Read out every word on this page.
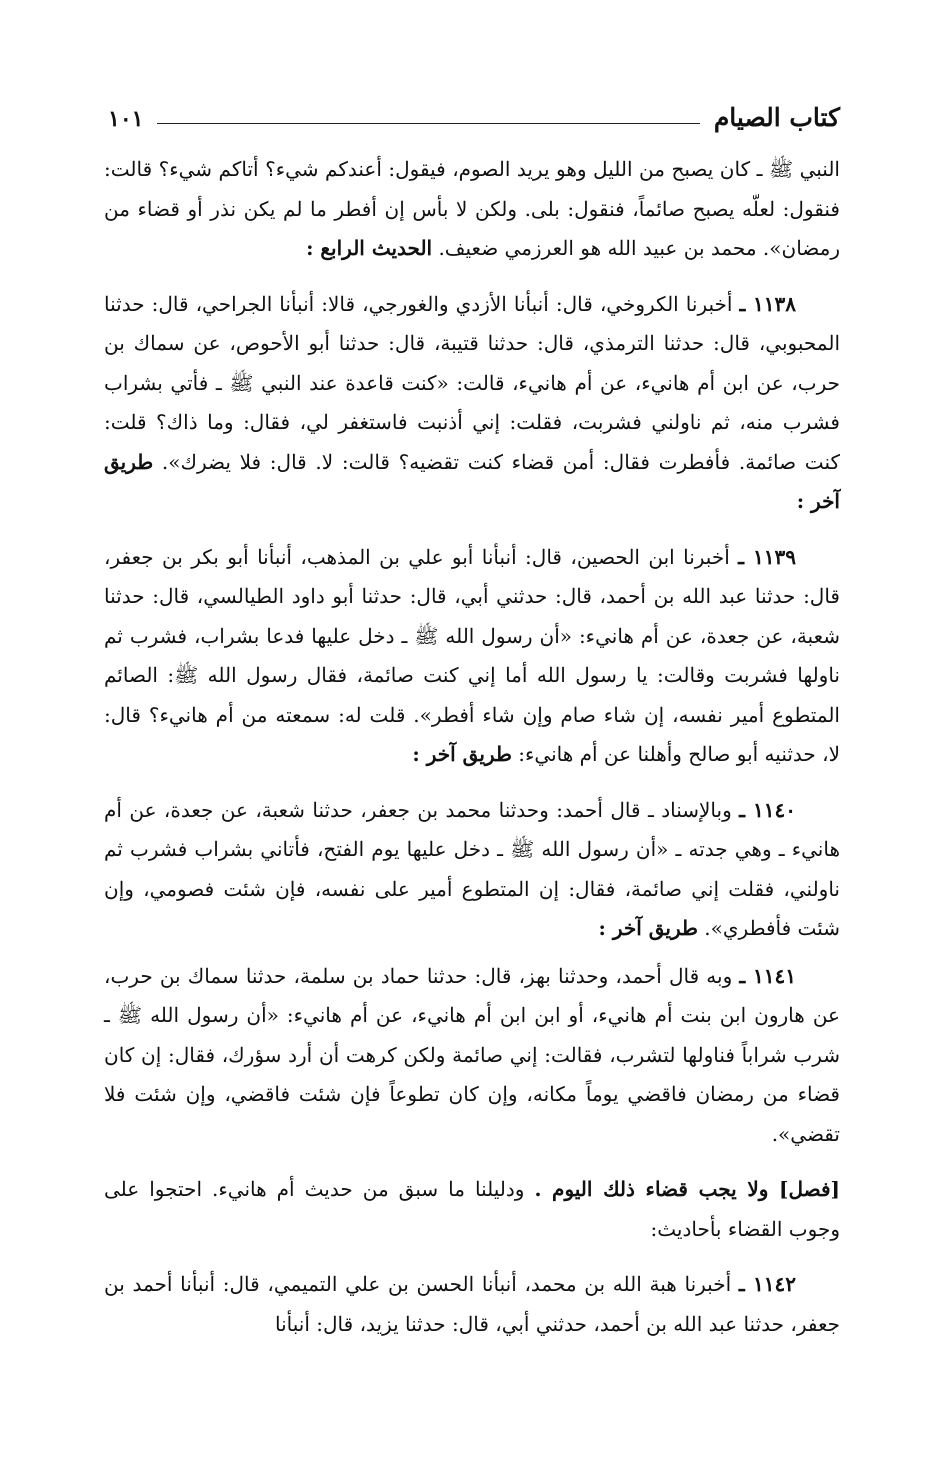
كتاب الصيام
١٠١

النبي ﷺ ـ كان يصبح من الليل وهو يريد الصوم، فيقول: أعندكم شيء؟ أتاكم شيء؟ قالت: فنقول: لعلّه يصبح صائماً، فنقول: بلى. ولكن لا بأس إن أفطر ما لم يكن نذر أو قضاء من رمضان». محمد بن عبيد الله هو العرزمي ضعيف. الحديث الرابع :

١١٣٨ ـ أخبرنا الكروخي، قال: أنبأنا الأزدي والغورجي، قالا: أنبأنا الجراحي، قال: حدثنا المحبوبي، قال: حدثنا الترمذي، قال: حدثنا قتيبة، قال: حدثنا أبو الأحوص، عن سماك بن حرب، عن ابن أم هانيء، عن أم هانيء، قالت: «كنت قاعدة عند النبي ﷺ ـ فأتي بشراب فشرب منه، ثم ناولني فشربت، فقلت: إني أذنبت فاستغفر لي، فقال: وما ذاك؟ قلت: كنت صائمة. فأفطرت فقال: أمن قضاء كنت تقضيه؟ قالت: لا. قال: فلا يضرك». طريق آخر :

١١٣٩ ـ أخبرنا ابن الحصين، قال: أنبأنا أبو علي بن المذهب، أنبأنا أبو بكر بن جعفر، قال: حدثنا عبد الله بن أحمد، قال: حدثني أبي، قال: حدثنا أبو داود الطيالسي، قال: حدثنا شعبة، عن جعدة، عن أم هانيء: «أن رسول الله ﷺ ـ دخل عليها فدعا بشراب، فشرب ثم ناولها فشربت وقالت: يا رسول الله أما إني كنت صائمة، فقال رسول الله ﷺ: الصائم المتطوع أمير نفسه، إن شاء صام وإن شاء أفطر». قلت له: سمعته من أم هانيء؟ قال: لا، حدثنيه أبو صالح وأهلنا عن أم هانيء: طريق آخر :

١١٤٠ ـ وبالإسناد ـ قال أحمد: وحدثنا محمد بن جعفر، حدثنا شعبة، عن جعدة، عن أم هانيء ـ وهي جدته ـ «أن رسول الله ﷺ ـ دخل عليها يوم الفتح، فأتاني بشراب فشرب ثم ناولني، فقلت إني صائمة، فقال: إن المتطوع أمير على نفسه، فإن شئت فصومي، وإن شئت فأفطري». طريق آخر :

١١٤١ ـ وبه قال أحمد، وحدثنا بهز، قال: حدثنا حماد بن سلمة، حدثنا سماك بن حرب، عن هارون ابن بنت أم هانيء، أو ابن ابن أم هانيء، عن أم هانيء: «أن رسول الله ﷺ ـ شرب شراباً فناولها لتشرب، فقالت: إني صائمة ولكن كرهت أن أرد سؤرك، فقال: إن كان قضاء من رمضان فاقضي يوماً مكانه، وإن كان تطوعاً فإن شئت فاقضي، وإن شئت فلا تقضي».

[فصل] ولا يجب قضاء ذلك اليوم . ودليلنا ما سبق من حديث أم هانيء. احتجوا على وجوب القضاء بأحاديث:

١١٤٢ ـ أخبرنا هبة الله بن محمد، أنبأنا الحسن بن علي التميمي، قال: أنبأنا أحمد بن جعفر، حدثنا عبد الله بن أحمد، حدثني أبي، قال: حدثنا يزيد، قال: أنبأنا
